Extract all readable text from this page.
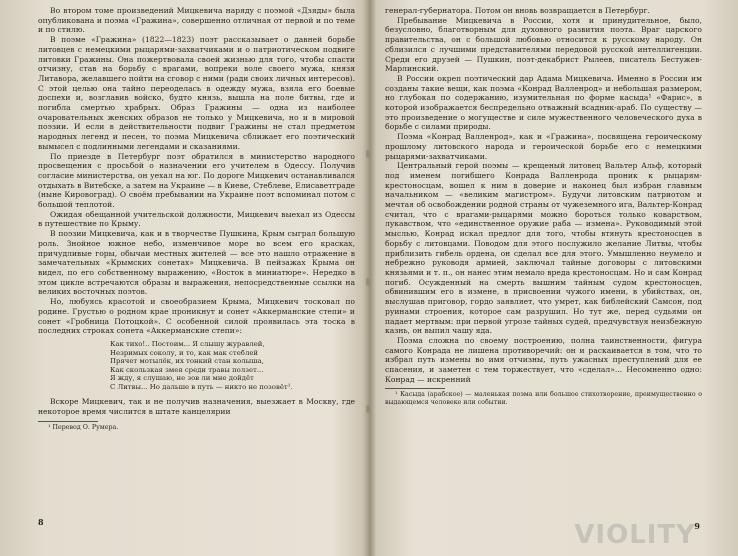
Во втором томе произведений Мицкевича наряду с поэмой «Дзяды» была опубликована и поэма «Гражина», совершенно отличная от первой и по теме и по стилю.

В поэме «Гражина» (1822—1823) поэт рассказывает о давней борьбе литовцев с немецкими рыцарями-захватчиками и о патриотическом подвиге литовки Гражины. Она пожертвовала своей жизнью для того, чтобы спасти отчизну, став на борьбу с врагами, вопреки воле своего мужа, князя Литавора, желавшего пойти на сговор с ними (ради своих личных интересов). С этой целью она тайно переоделась в одежду мужа, взяла его боевые доспехи и, возглавив войско, будто князь, вышла на поле битвы, где и погибла смертью храбрых. Образ Гражины — одна из наиболее очаровательных женских образов не только у Мицкевича, но и в мировой поэзии. И если в действительности подвиг Гражины не стал предметом народных легенд и песен, то поэма Мицкевича сближает его поэтический вымысел с подлинными легендами и сказаниями.

По приезде в Петербург поэт обратился в министерство народного просвещения с просьбой о назначении его учителем в Одессу. Получив согласие министерства, он уехал на юг. По дороге Мицкевич останавливался отдыхать в Витебске, а затем на Украине — в Киеве, Стеблеве, Елисаветграде (ныне Кировоград). О своём пребывании на Украине поэт вспоминал потом с большой теплотой.

Ожидая обещанной учительской должности, Мицкевич выехал из Одессы в путешествие по Крыму.

В поэзии Мицкевича, как и в творчестве Пушкина, Крым сыграл большую роль. Знойное южное небо, изменчивое море во всем его красках, причудливые горы, обычаи местных жителей — все это нашло отражение в замечательных «Крымских сонетах» Мицкевича. В пейзажах Крыма он видел, по его собственному выражению, «Восток в миниатюре». Нередко в этом цикле встречаются образы и выражения, непосредственные ссылки на великих восточных поэтов.

Но, любуясь красотой и своеобразием Крыма, Мицкевич тосковал по родине. Грустью о родном крае проникнут и сонет «Аккерманские степи» и сонет «Гробница Потоцкой». С особенной силой проявилась эта тоска в последних строках сонета «Аккерманские степи»:

Как тихо!.. Постоим... Я слышу журавлей,
Незримых соколу, и то, как мак стеблей
Прячет мотылёк, их тонкий стан колыша,
Как скользкая змея среди травы ползет...
Я жду, я слушаю, не зов ли мне дойдёт
С Литвы... Но дальше в путь — никто не позовёт¹.

Вскоре Мицкевич, так и не получив назначения, выезжает в Москву, где некоторое время числится в штате канцелярии

¹ Перевод О. Румера.
8

генерал-губернатора. Потом он вновь возвращается в Петербург.

Пребывание Мицкевича в России, хотя и принудительное, было, безусловно, благотворным для духовного развития поэта. Враг царского правительства, он с большой любовью относится к русскому народу. Он сблизился с лучшими представителями передовой русской интеллигенции. Среди его друзей — Пушкин, поэт-декабрист Рылеев, писатель Бестужев-Марлинский.

В России окреп поэтический дар Адама Мицкевича. Именно в России им созданы такие вещи, как поэма «Конрад Валленрод» и небольшая размером, но глубокая по содержанию, изумительная по форме касыда¹ «Фарис», в которой изображается беспредельно отважный всадник-араб. По существу — это произведение о могуществе и силе мужественного человеческого духа в борьбе с силами природы.

Поэма «Конрад Валленрод», как и «Гражина», посвящена героическому прошлому литовского народа и героической борьбе его с немецкими рыцарями-захватчиками.

Центральный герой поэмы — крещеный литовец Вальтер Альф, который под именем погибшего Конрада Валленрода проник к рыцарям-крестоносцам, вошел к ним в доверие и наконец был избран главным начальником — «великим магистром». Будучи литовским патриотом и мечтая об освобождении родной страны от чужеземного ига, Вальтер-Конрад считал, что с врагами-рыцарями можно бороться только коварством, лукавством, что «единственное оружие раба — измена». Руководимый этой мыслью, Конрад искал предлог для того, чтобы втянуть крестоносцев в борьбу с литовцами. Поводом для этого послужило желание Литвы, чтобы приблизить гибель ордена, он сделал все для этого. Умышленно неумело и небрежно руководя армией, заключал тайные договоры с литовскими князьями и т. п., он нанес этим немало вреда крестоносцам. Но и сам Конрад погиб. Осужденный на смерть вышним тайным судом крестоносцев, обвинившим его в измене, в присвоении чужого имени, в убийствах, он, выслушав приговор, гордо заявляет, что умрет, как библейский Самсон, под руинами строения, которое сам разрушил. Но тут же, перед судьями он падает мертвым: при первой угрозе тайных судей, предчувствуя неизбежную казнь, он выпил чашу яда.

Поэма сложна по своему построению, полна таинственности, фигура самого Конрада не лишена противоречий: он и раскаивается в том, что то избрал путь измены во имя отчизны, путь ужасных преступлений для ее спасения, и заметен с тем торжествует, что «сделал»... Несомненно одно: Конрад — искренний

¹ Касыда (арабское) — маленькая поэма или большое стихотворение, преимущественно о выдающемся человеке или событии.
9
VIOLITY
